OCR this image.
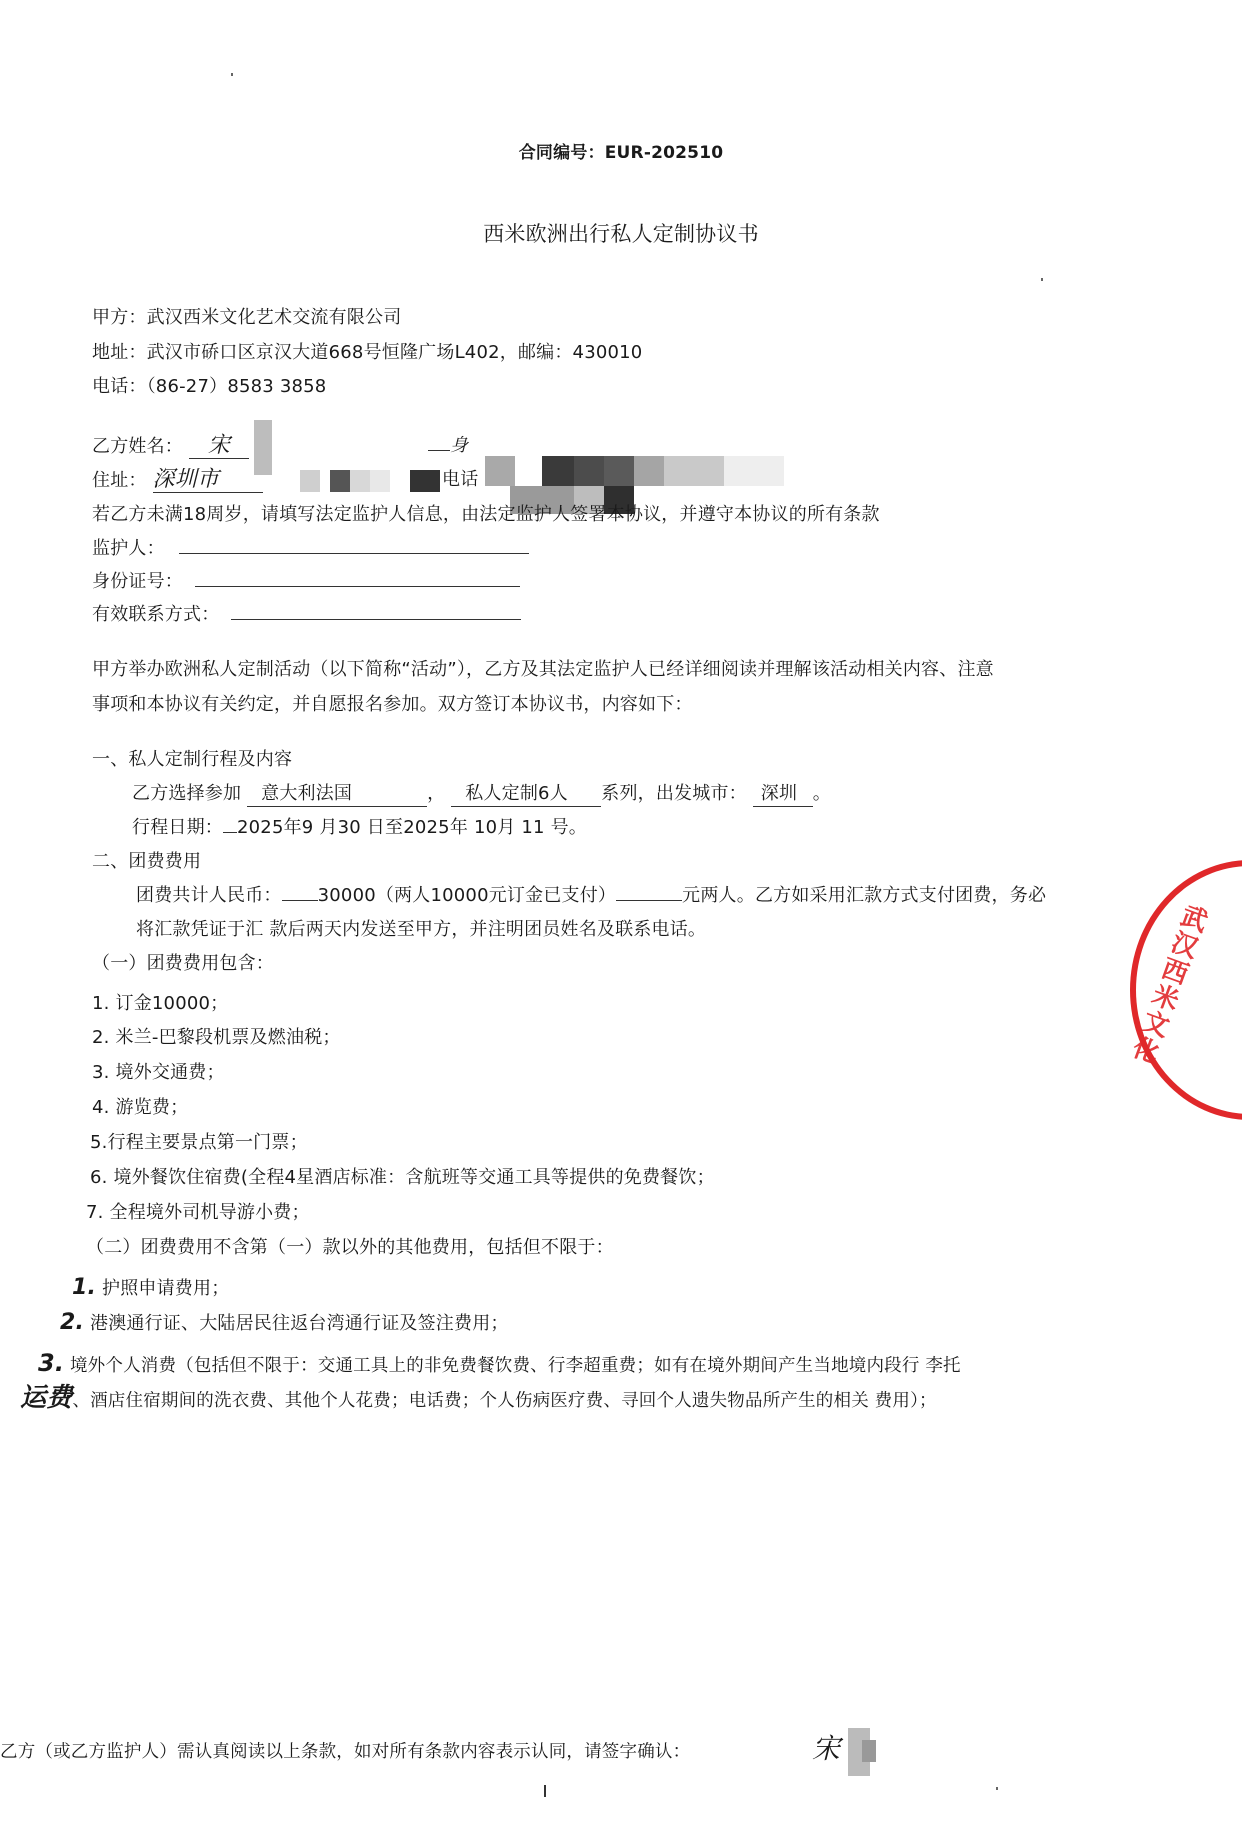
合同编号：EUR-202510
西米欧洲出行私人定制协议书
甲方：武汉西米文化艺术交流有限公司
地址：武汉市硚口区京汉大道668号恒隆广场L402，邮编：430010
电话：（86-27）8583 3858
乙方姓名： 宋	身
住址： 深圳市	电话
若乙方未满18周岁，请填写法定监护人信息，由法定监护人签署本协议，并遵守本协议的所有条款
监护人：
身份证号：
有效联系方式：
甲方举办欧洲私人定制活动（以下简称“活动”），乙方及其法定监护人已经详细阅读并理解该活动相关内容、注意
事项和本协议有关约定，并自愿报名参加。双方签订本协议书，内容如下：
一、私人定制行程及内容
乙方选择参加 意大利法国	， 私人定制6人 系列，出发城市： 深圳 。
行程日期： 2025年9 月30 日至2025年 10月 11 号。
二、团费费用
团费共计人民币： 30000（两人10000元订金已支付）	元两人。乙方如采用汇款方式支付团费，务必
将汇款凭证于汇 款后两天内发送至甲方，并注明团员姓名及联系电话。
（一）团费费用包含：
1. 订金10000；
2. 米兰-巴黎段机票及燃油税；
3. 境外交通费；
4. 游览费；
5.行程主要景点第一门票；
6. 境外餐饮住宿费(全程4星酒店标准：含航班等交通工具等提供的免费餐饮；
7. 全程境外司机导游小费；
（二）团费费用不含第（一）款以外的其他费用，包括但不限于：
1. 护照申请费用；
2. 港澳通行证、大陆居民往返台湾通行证及签注费用；
3. 境外个人消费（包括但不限于：交通工具上的非免费餐饮费、行李超重费；如有在境外期间产生当地境内段行 李托
运费、酒店住宿期间的洗衣费、其他个人花费；电话费；个人伤病医疗费、寻回个人遗失物品所产生的相关 费用）；
乙方（或乙方监护人）需认真阅读以上条款，如对所有条款内容表示认同，请签字确认：	宋
武汉西米文化
